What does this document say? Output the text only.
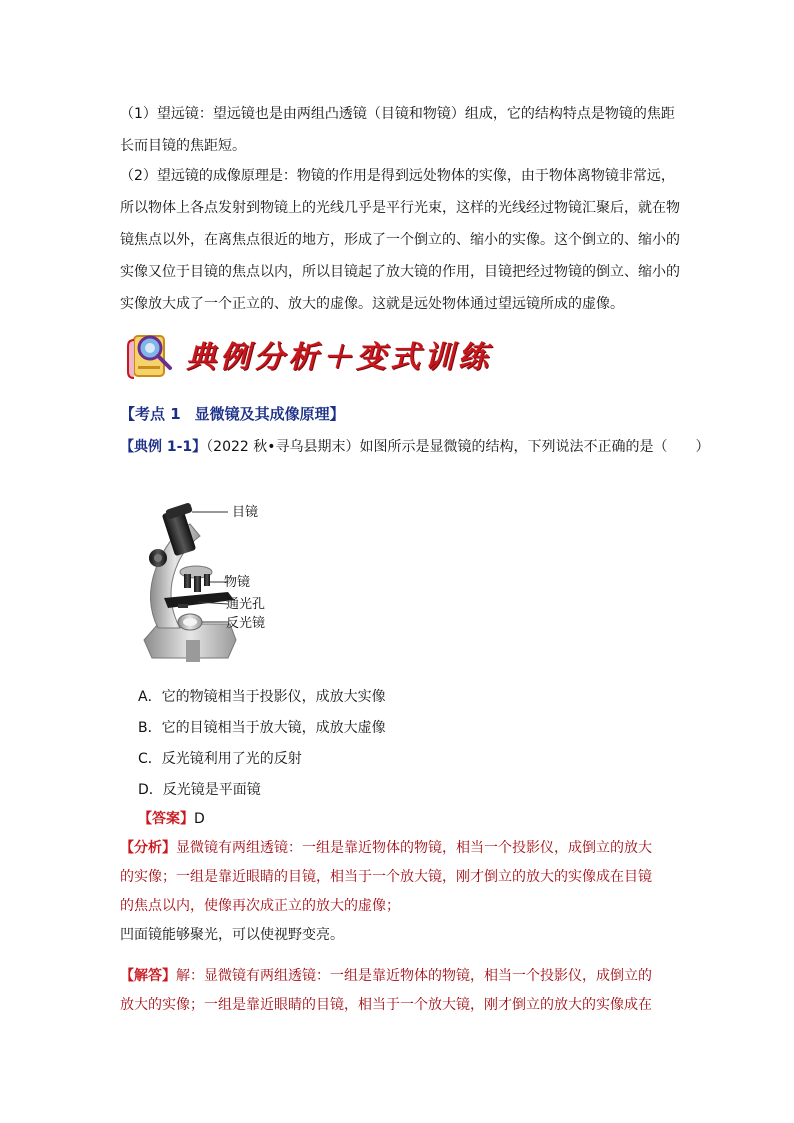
（1）望远镜：望远镜也是由两组凸透镜（目镜和物镜）组成，它的结构特点是物镜的焦距
长而目镜的焦距短。
（2）望远镜的成像原理是：物镜的作用是得到远处物体的实像，由于物体离物镜非常远，
所以物体上各点发射到物镜上的光线几乎是平行光束，这样的光线经过物镜汇聚后，就在物
镜焦点以外，在离焦点很近的地方，形成了一个倒立的、缩小的实像。这个倒立的、缩小的
实像又位于目镜的焦点以内，所以目镜起了放大镜的作用，目镜把经过物镜的倒立、缩小的
实像放大成了一个正立的、放大的虚像。这就是远处物体通过望远镜所成的虚像。
典例分析＋变式训练
【考点 1 显微镜及其成像原理】
【典例 1-1】（2022 秋•寻乌县期末）如图所示是显微镜的结构，下列说法不正确的是（　　）
目镜
物镜
通光孔
反光镜
A．它的物镜相当于投影仪，成放大实像
B．它的目镜相当于放大镜，成放大虚像
C．反光镜利用了光的反射
D．反光镜是平面镜
【答案】D
【分析】显微镜有两组透镜：一组是靠近物体的物镜，相当一个投影仪，成倒立的放大
的实像；一组是靠近眼睛的目镜，相当于一个放大镜，刚才倒立的放大的实像成在目镜
的焦点以内，使像再次成正立的放大的虚像；
凹面镜能够聚光，可以使视野变亮。
【解答】解：显微镜有两组透镜：一组是靠近物体的物镜，相当一个投影仪，成倒立的
放大的实像；一组是靠近眼睛的目镜，相当于一个放大镜，刚才倒立的放大的实像成在
